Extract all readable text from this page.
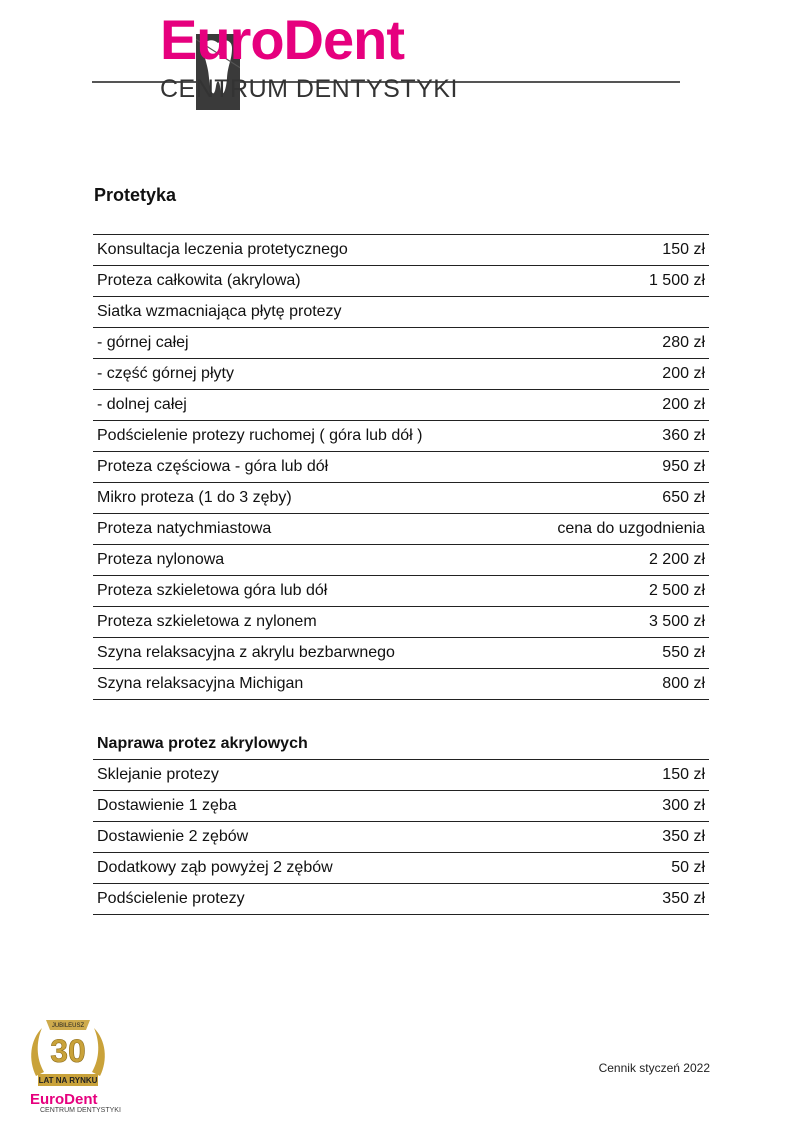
EuroDent
CENTRUM DENTYSTYKI
Protetyka
Konsultacja leczenia protetycznego	150 zł
Proteza całkowita (akrylowa)	1 500 zł
Siatka wzmacniająca płytę protezy	
- górnej całej	280 zł
- część górnej płyty	200 zł
- dolnej całej	200 zł
Podścielenie protezy ruchomej ( góra lub dół )	360 zł
Proteza częściowa - góra lub dół	950 zł
Mikro proteza (1 do 3 zęby)	650 zł
Proteza natychmiastowa	cena do uzgodnienia
Proteza nylonowa	2 200 zł
Proteza szkieletowa góra lub dół	2 500 zł
Proteza szkieletowa z nylonem	3 500 zł
Szyna relaksacyjna z akrylu bezbarwnego	550 zł
Szyna relaksacyjna Michigan	800 zł
Naprawa protez akrylowych	
Sklejanie protezy	150 zł
Dostawienie 1 zęba	300 zł
Dostawienie 2 zębów	350 zł
Dodatkowy ząb powyżej 2 zębów	50 zł
Podścielenie protezy	350 zł
Cennik styczeń 2022
JUBILEUSZ
30
LAT NA RYNKU
EuroDent
CENTRUM DENTYSTYKI
